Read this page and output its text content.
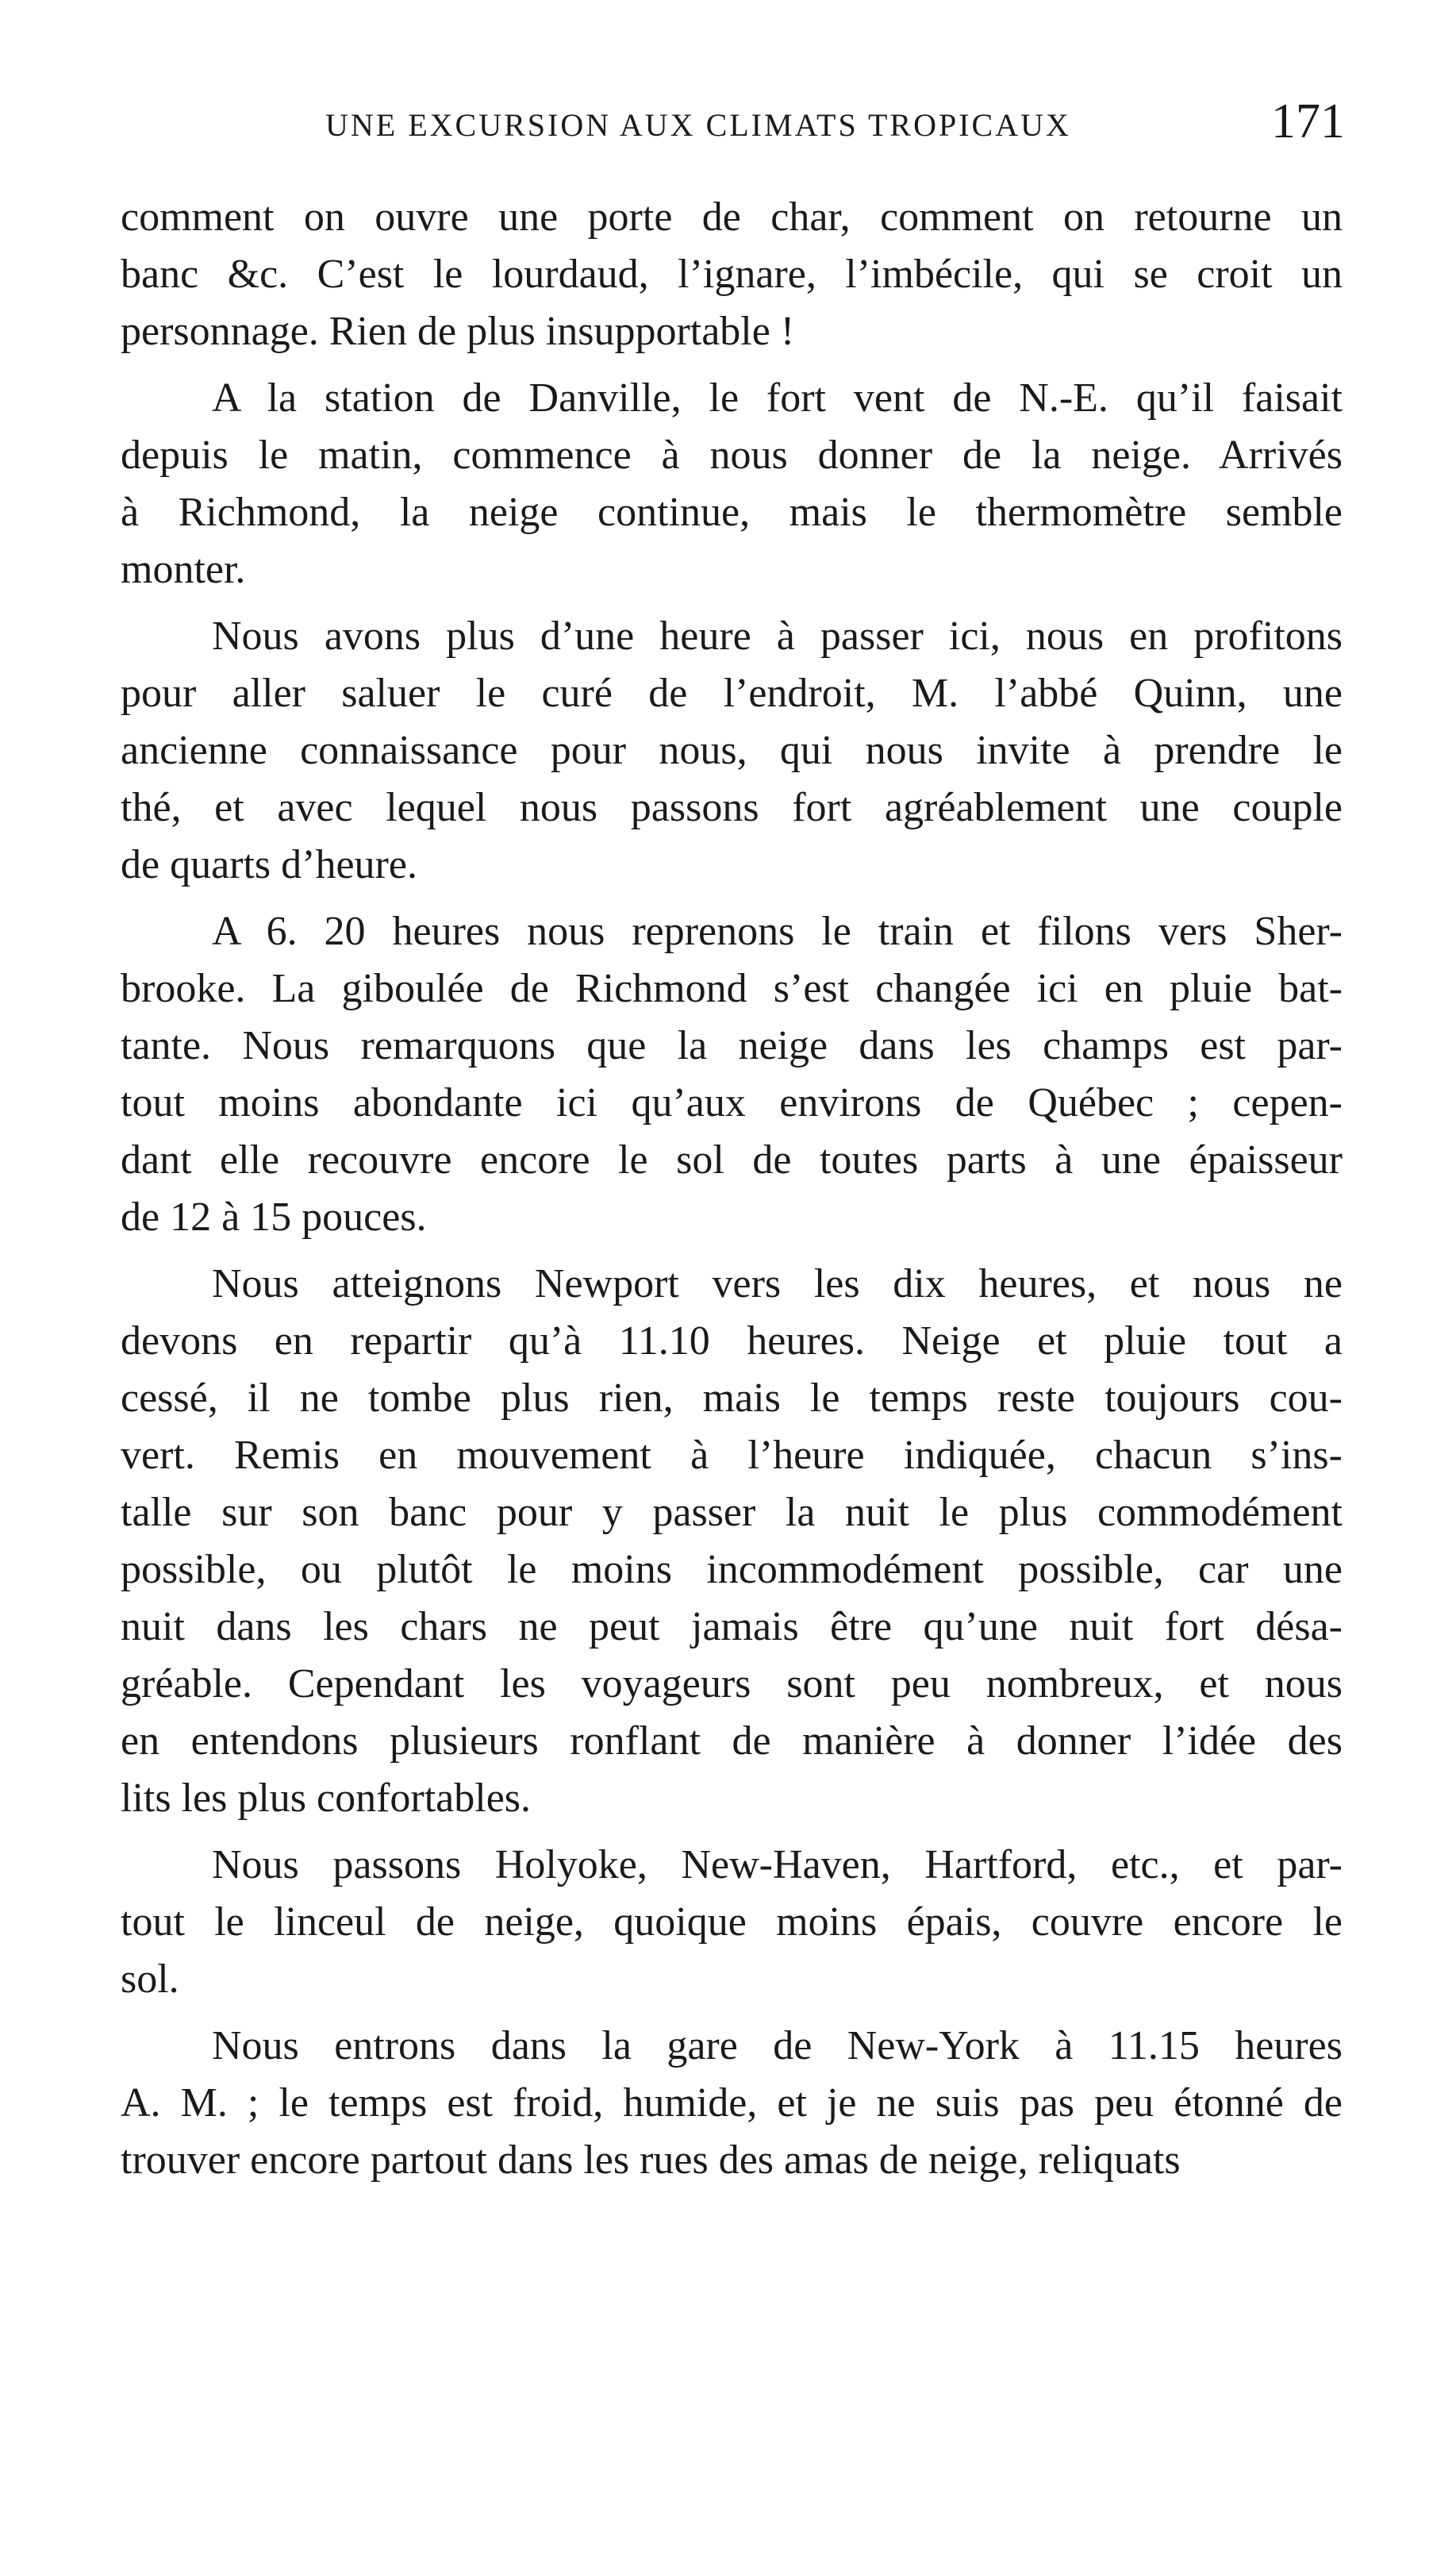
UNE EXCURSION AUX CLIMATS TROPICAUX	171
comment on ouvre une porte de char, comment on retourne un
banc &c. C’est le lourdaud, l’ignare, l’imbécile, qui se croit un
personnage. Rien de plus insupportable !
A la station de Danville, le fort vent de N.-E. qu’il faisait
depuis le matin, commence à nous donner de la neige. Arrivés
à Richmond, la neige continue, mais le thermomètre semble
monter.
Nous avons plus d’une heure à passer ici, nous en profitons
pour aller saluer le curé de l’endroit, M. l’abbé Quinn, une
ancienne connaissance pour nous, qui nous invite à prendre le
thé, et avec lequel nous passons fort agréablement une couple
de quarts d’heure.
A 6. 20 heures nous reprenons le train et filons vers Sher-
brooke. La giboulée de Richmond s’est changée ici en pluie bat-
tante. Nous remarquons que la neige dans les champs est par-
tout moins abondante ici qu’aux environs de Québec ; cepen-
dant elle recouvre encore le sol de toutes parts à une épaisseur
de 12 à 15 pouces.
Nous atteignons Newport vers les dix heures, et nous ne
devons en repartir qu’à 11.10 heures. Neige et pluie tout a
cessé, il ne tombe plus rien, mais le temps reste toujours cou-
vert. Remis en mouvement à l’heure indiquée, chacun s’ins-
talle sur son banc pour y passer la nuit le plus commodément
possible, ou plutôt le moins incommodément possible, car une
nuit dans les chars ne peut jamais être qu’une nuit fort désa-
gréable. Cependant les voyageurs sont peu nombreux, et nous
en entendons plusieurs ronflant de manière à donner l’idée des
lits les plus confortables.
Nous passons Holyoke, New-Haven, Hartford, etc., et par-
tout le linceul de neige, quoique moins épais, couvre encore le
sol.
Nous entrons dans la gare de New-York à 11.15 heures
A. M. ; le temps est froid, humide, et je ne suis pas peu étonné de
trouver encore partout dans les rues des amas de neige, reliquats
